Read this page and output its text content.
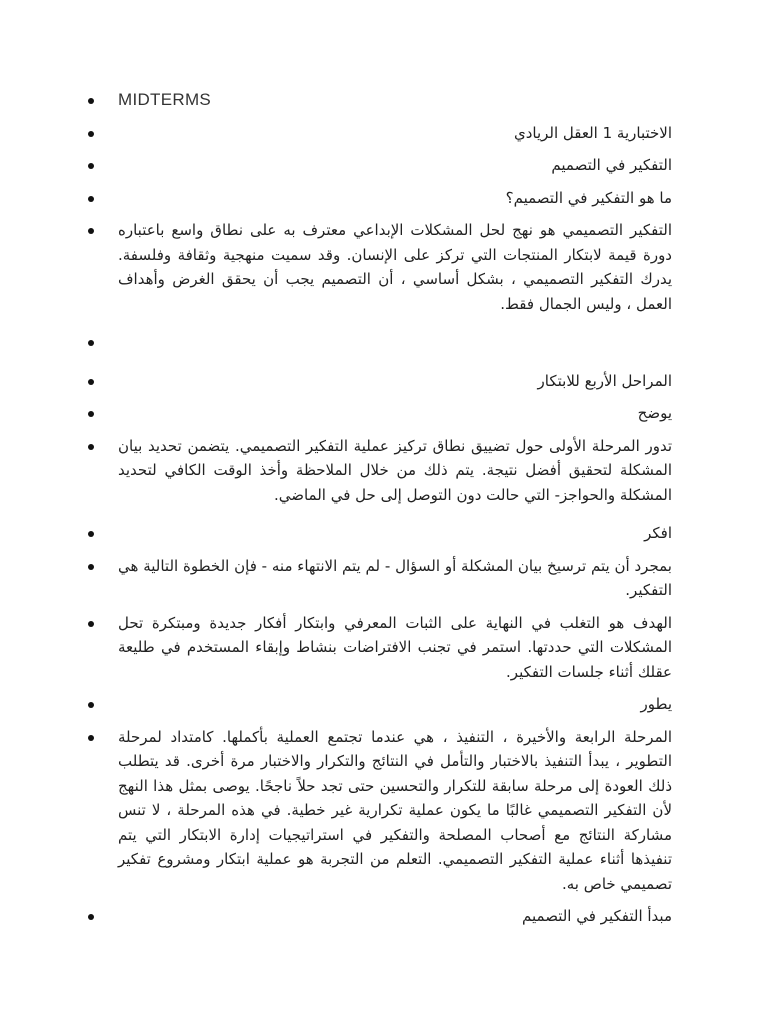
MIDTERMS
الاختبارية 1 العقل الريادي
التفكير في التصميم
ما هو التفكير في التصميم؟
التفكير التصميمي هو نهج لحل المشكلات الإبداعي معترف به على نطاق واسع باعتباره دورة قيمة لابتكار المنتجات التي تركز على الإنسان. وقد سميت منهجية وثقافة وفلسفة. يدرك التفكير التصميمي ، بشكل أساسي ، أن التصميم يجب أن يحقق الغرض وأهداف العمل ، وليس الجمال فقط.
المراحل الأربع للابتكار
يوضح
تدور المرحلة الأولى حول تضييق نطاق تركيز عملية التفكير التصميمي. يتضمن تحديد بيان المشكلة لتحقيق أفضل نتيجة. يتم ذلك من خلال الملاحظة وأخذ الوقت الكافي لتحديد المشكلة والحواجز- التي حالت دون التوصل إلى حل في الماضي.
افكر
بمجرد أن يتم ترسيخ بيان المشكلة أو السؤال - لم يتم الانتهاء منه - فإن الخطوة التالية هي التفكير.
الهدف هو التغلب في النهاية على الثبات المعرفي وابتكار أفكار جديدة ومبتكرة تحل المشكلات التي حددتها. استمر في تجنب الافتراضات بنشاط وإبقاء المستخدم في طليعة عقلك أثناء جلسات التفكير.
يطور
المرحلة الرابعة والأخيرة ، التنفيذ ، هي عندما تجتمع العملية بأكملها. كامتداد لمرحلة التطوير ، يبدأ التنفيذ بالاختبار والتأمل في النتائج والتكرار والاختبار مرة أخرى. قد يتطلب ذلك العودة إلى مرحلة سابقة للتكرار والتحسين حتى تجد حلاً ناجحًا. يوصى بمثل هذا النهج لأن التفكير التصميمي غالبًا ما يكون عملية تكرارية غير خطية. في هذه المرحلة ، لا تنس مشاركة النتائج مع أصحاب المصلحة والتفكير في استراتيجيات إدارة الابتكار التي يتم تنفيذها أثناء عملية التفكير التصميمي. التعلم من التجربة هو عملية ابتكار ومشروع تفكير تصميمي خاص به.
مبدأ التفكير في التصميم
